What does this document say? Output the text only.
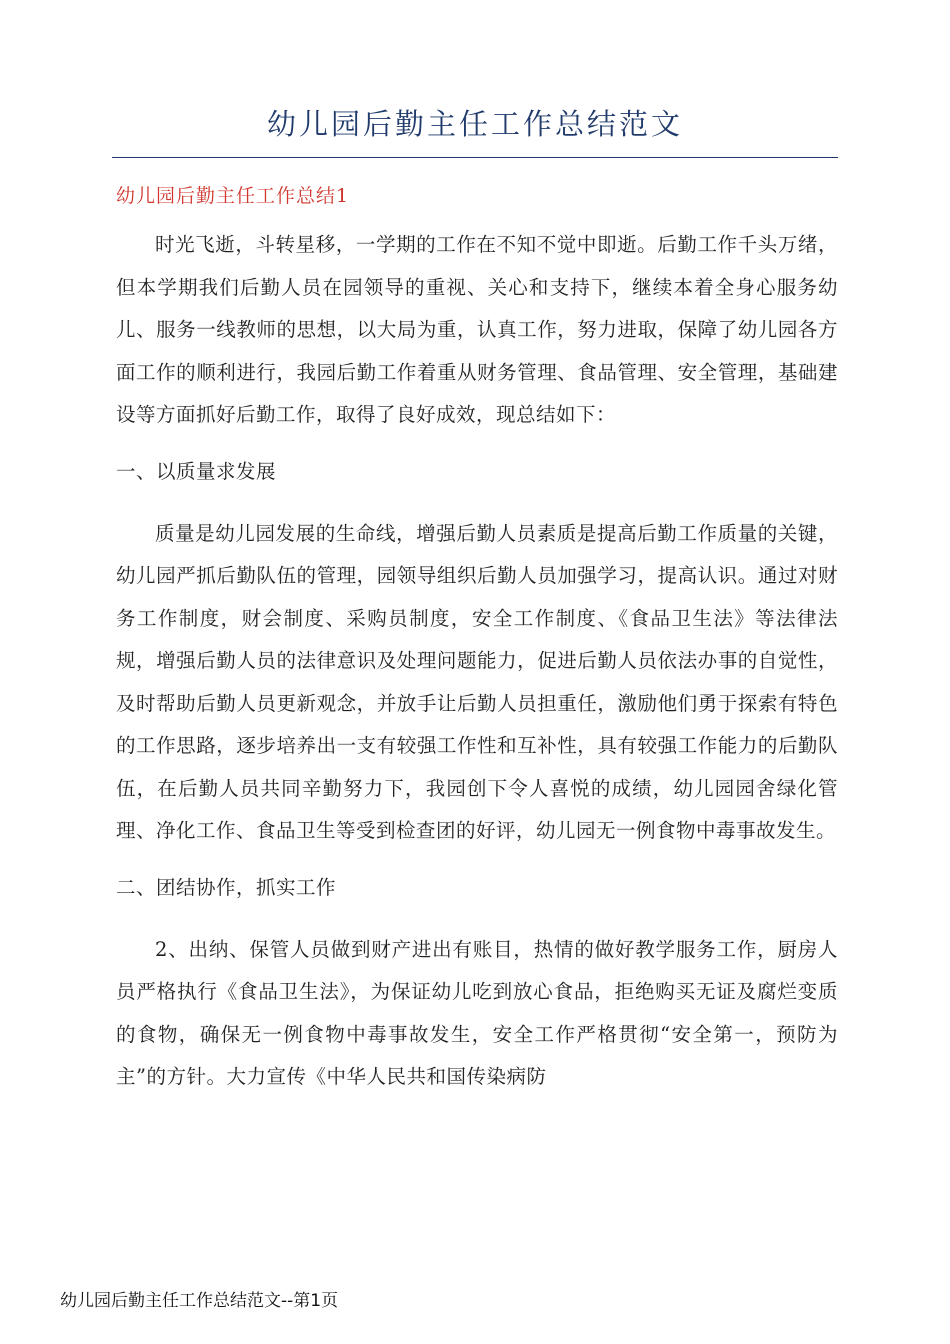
幼儿园后勤主任工作总结范文
幼儿园后勤主任工作总结1

时光飞逝，斗转星移，一学期的工作在不知不觉中即逝。后勤工作千头万绪，但本学期我们后勤人员在园领导的重视、关心和支持下，继续本着全身心服务幼儿、服务一线教师的思想，以大局为重，认真工作，努力进取，保障了幼儿园各方面工作的顺利进行，我园后勤工作着重从财务管理、食品管理、安全管理，基础建设等方面抓好后勤工作，取得了良好成效，现总结如下：

一、以质量求发展

质量是幼儿园发展的生命线，增强后勤人员素质是提高后勤工作质量的关键，幼儿园严抓后勤队伍的管理，园领导组织后勤人员加强学习，提高认识。通过对财务工作制度，财会制度、采购员制度，安全工作制度、《食品卫生法》等法律法规，增强后勤人员的法律意识及处理问题能力，促进后勤人员依法办事的自觉性，及时帮助后勤人员更新观念，并放手让后勤人员担重任，激励他们勇于探索有特色的工作思路，逐步培养出一支有较强工作性和互补性，具有较强工作能力的后勤队伍，在后勤人员共同辛勤努力下，我园创下令人喜悦的成绩，幼儿园园舍绿化管理、净化工作、食品卫生等受到检查团的好评，幼儿园无一例食物中毒事故发生。

二、团结协作，抓实工作

2、出纳、保管人员做到财产进出有账目，热情的做好教学服务工作，厨房人员严格执行《食品卫生法》，为保证幼儿吃到放心食品，拒绝购买无证及腐烂变质的食物，确保无一例食物中毒事故发生，安全工作严格贯彻“安全第一，预防为主”的方针。大力宣传《中华人民共和国传染病防

幼儿园后勤主任工作总结范文--第1页
